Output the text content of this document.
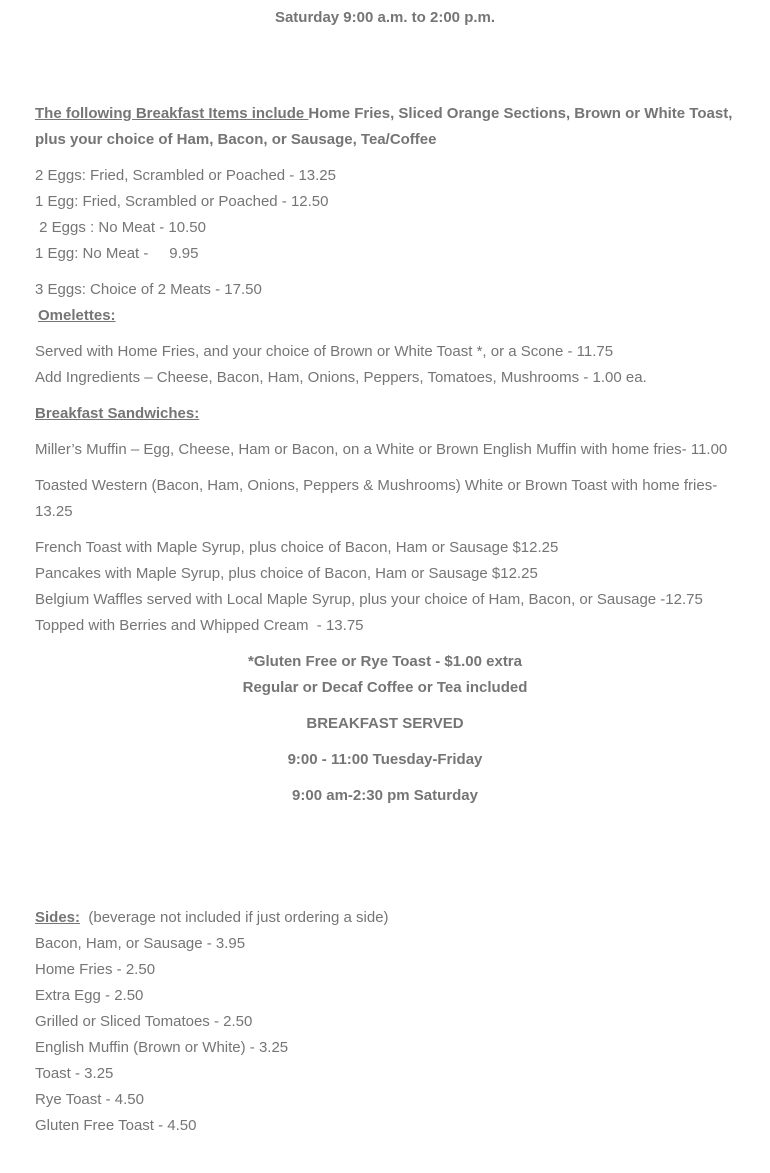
Saturday 9:00 a.m. to 2:00 p.m.

The following Breakfast Items include Home Fries, Sliced Orange Sections, Brown or White Toast, plus your choice of Ham, Bacon, or Sausage, Tea/Coffee

2 Eggs: Fried, Scrambled or Poached - 13.25

1 Egg: Fried, Scrambled or Poached - 12.50

2 Eggs : No Meat - 10.50

1 Egg: No Meat -     9.95

3 Eggs: Choice of 2 Meats - 17.50

Omelettes:

Served with Home Fries, and your choice of Brown or White Toast *, or a Scone - 11.75

Add Ingredients – Cheese, Bacon, Ham, Onions, Peppers, Tomatoes, Mushrooms - 1.00 ea.

Breakfast Sandwiches:

Miller’s Muffin – Egg, Cheese, Ham or Bacon, on a White or Brown English Muffin with home fries- 11.00

Toasted Western (Bacon, Ham, Onions, Peppers & Mushrooms) White or Brown Toast with home fries-     13.25

French Toast with Maple Syrup, plus choice of Bacon, Ham or Sausage $12.25

Pancakes with Maple Syrup, plus choice of Bacon, Ham or Sausage $12.25

Belgium Waffles served with Local Maple Syrup, plus your choice of Ham, Bacon, or Sausage -12.75

Topped with Berries and Whipped Cream  - 13.75

*Gluten Free or Rye Toast - $1.00 extra

Regular or Decaf Coffee or Tea included

BREAKFAST SERVED

9:00 - 11:00 Tuesday-Friday

9:00 am-2:30 pm Saturday

Sides:  (beverage not included if just ordering a side)

Bacon, Ham, or Sausage - 3.95

Home Fries - 2.50

Extra Egg - 2.50

Grilled or Sliced Tomatoes - 2.50

English Muffin (Brown or White) - 3.25

Toast - 3.25

Rye Toast - 4.50

Gluten Free Toast - 4.50
